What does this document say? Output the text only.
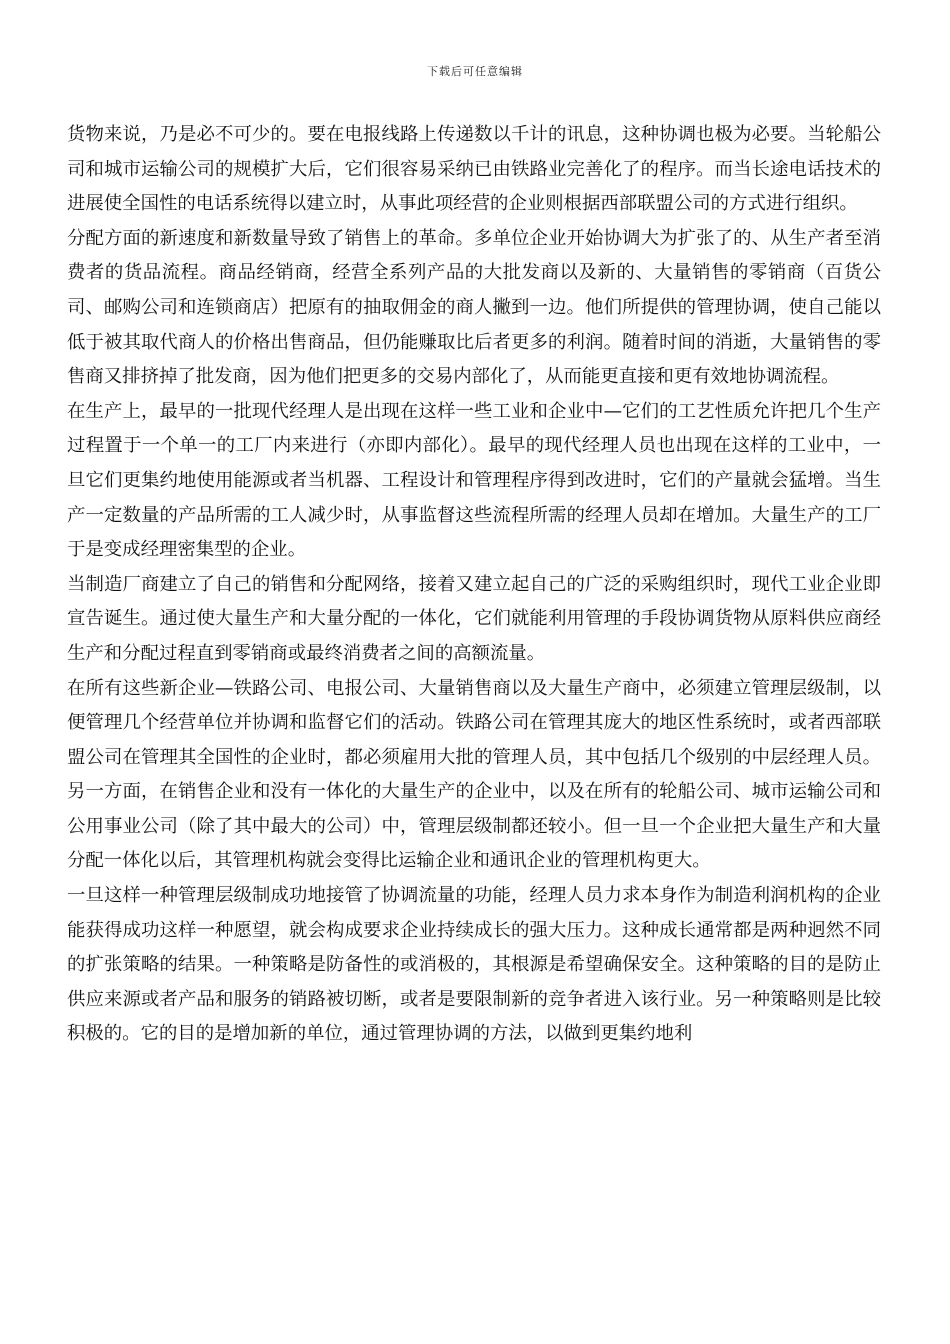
下载后可任意编辑

货物来说，乃是必不可少的。要在电报线路上传递数以千计的讯息，这种协调也极为必要。当轮船公司和城市运输公司的规模扩大后，它们很容易采纳已由铁路业完善化了的程序。而当长途电话技术的进展使全国性的电话系统得以建立时，从事此项经营的企业则根据西部联盟公司的方式进行组织。

分配方面的新速度和新数量导致了销售上的革命。多单位企业开始协调大为扩张了的、从生产者至消费者的货品流程。商品经销商，经营全系列产品的大批发商以及新的、大量销售的零销商（百货公司、邮购公司和连锁商店）把原有的抽取佣金的商人撇到一边。他们所提供的管理协调，使自己能以低于被其取代商人的价格出售商品，但仍能赚取比后者更多的利润。随着时间的消逝，大量销售的零售商又排挤掉了批发商，因为他们把更多的交易内部化了，从而能更直接和更有效地协调流程。

在生产上，最早的一批现代经理人是出现在这样一些工业和企业中—它们的工艺性质允许把几个生产过程置于一个单一的工厂内来进行（亦即内部化）。最早的现代经理人员也出现在这样的工业中，一旦它们更集约地使用能源或者当机器、工程设计和管理程序得到改进时，它们的产量就会猛增。当生产一定数量的产品所需的工人减少时，从事监督这些流程所需的经理人员却在增加。大量生产的工厂于是变成经理密集型的企业。

当制造厂商建立了自己的销售和分配网络，接着又建立起自己的广泛的采购组织时，现代工业企业即宣告诞生。通过使大量生产和大量分配的一体化，它们就能利用管理的手段协调货物从原料供应商经生产和分配过程直到零销商或最终消费者之间的高额流量。

在所有这些新企业—铁路公司、电报公司、大量销售商以及大量生产商中，必须建立管理层级制，以便管理几个经营单位并协调和监督它们的活动。铁路公司在管理其庞大的地区性系统时，或者西部联盟公司在管理其全国性的企业时，都必须雇用大批的管理人员，其中包括几个级别的中层经理人员。另一方面，在销售企业和没有一体化的大量生产的企业中，以及在所有的轮船公司、城市运输公司和公用事业公司（除了其中最大的公司）中，管理层级制都还较小。但一旦一个企业把大量生产和大量分配一体化以后，其管理机构就会变得比运输企业和通讯企业的管理机构更大。

一旦这样一种管理层级制成功地接管了协调流量的功能，经理人员力求本身作为制造利润机构的企业能获得成功这样一种愿望，就会构成要求企业持续成长的强大压力。这种成长通常都是两种迥然不同的扩张策略的结果。一种策略是防备性的或消极的，其根源是希望确保安全。这种策略的目的是防止供应来源或者产品和服务的销路被切断，或者是要限制新的竞争者进入该行业。另一种策略则是比较积极的。它的目的是增加新的单位，通过管理协调的方法，以做到更集约地利
